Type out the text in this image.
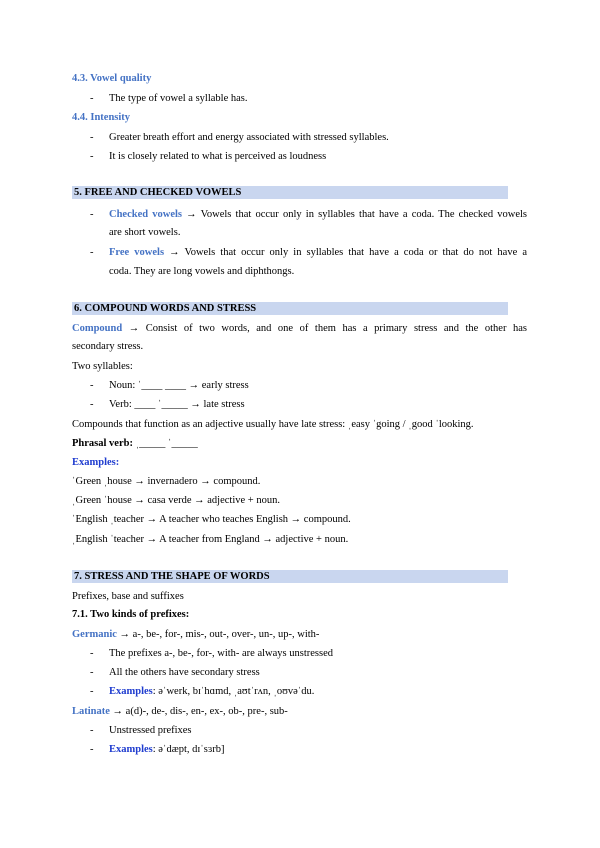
4.3. Vowel quality
- The type of vowel a syllable has.
4.4. Intensity
- Greater breath effort and energy associated with stressed syllables.
- It is closely related to what is perceived as loudness
5. FREE AND CHECKED VOWELS
- Checked vowels → Vowels that occur only in syllables that have a coda. The checked vowels
are short vowels.
- Free vowels → Vowels that occur only in syllables that have a coda or that do not have a
coda. They are long vowels and diphthongs.
6. COMPOUND WORDS AND STRESS
Compound → Consist of two words, and one of them has a primary stress and the other has
secondary stress.
Two syllables:
- Noun: ˈ____ ____ → early stress
- Verb: ____ ˈ_____ → late stress
Compounds that function as an adjective usually have late stress: ˌeasy ˈgoing / ˌgood ˈlooking.
Phrasal verb: ˌ_____ ˈ_____
Examples:
ˈGreen ˌhouse → invernadero → compound.
ˌGreen ˈhouse → casa verde → adjective + noun.
ˈEnglish ˌteacher → A teacher who teaches English → compound.
ˌEnglish ˈteacher → A teacher from England → adjective + noun.
7. STRESS AND THE SHAPE OF WORDS
Prefixes, base and suffixes
7.1. Two kinds of prefixes:
Germanic → a-, be-, for-, mis-, out-, over-, un-, up-, with-
- The prefixes a-, be-, for-, with- are always unstressed
- All the others have secondary stress
- Examples: əˈwerk, bɪˈhɑmd, ˌaʊtˈrʌn, ˌoʊvəˈdu.
Latinate → a(d)-, de-, dis-, en-, ex-, ob-, pre-, sub-
- Unstressed prefixes
- Examples: əˈdæpt, dɪˈsɜrb]
